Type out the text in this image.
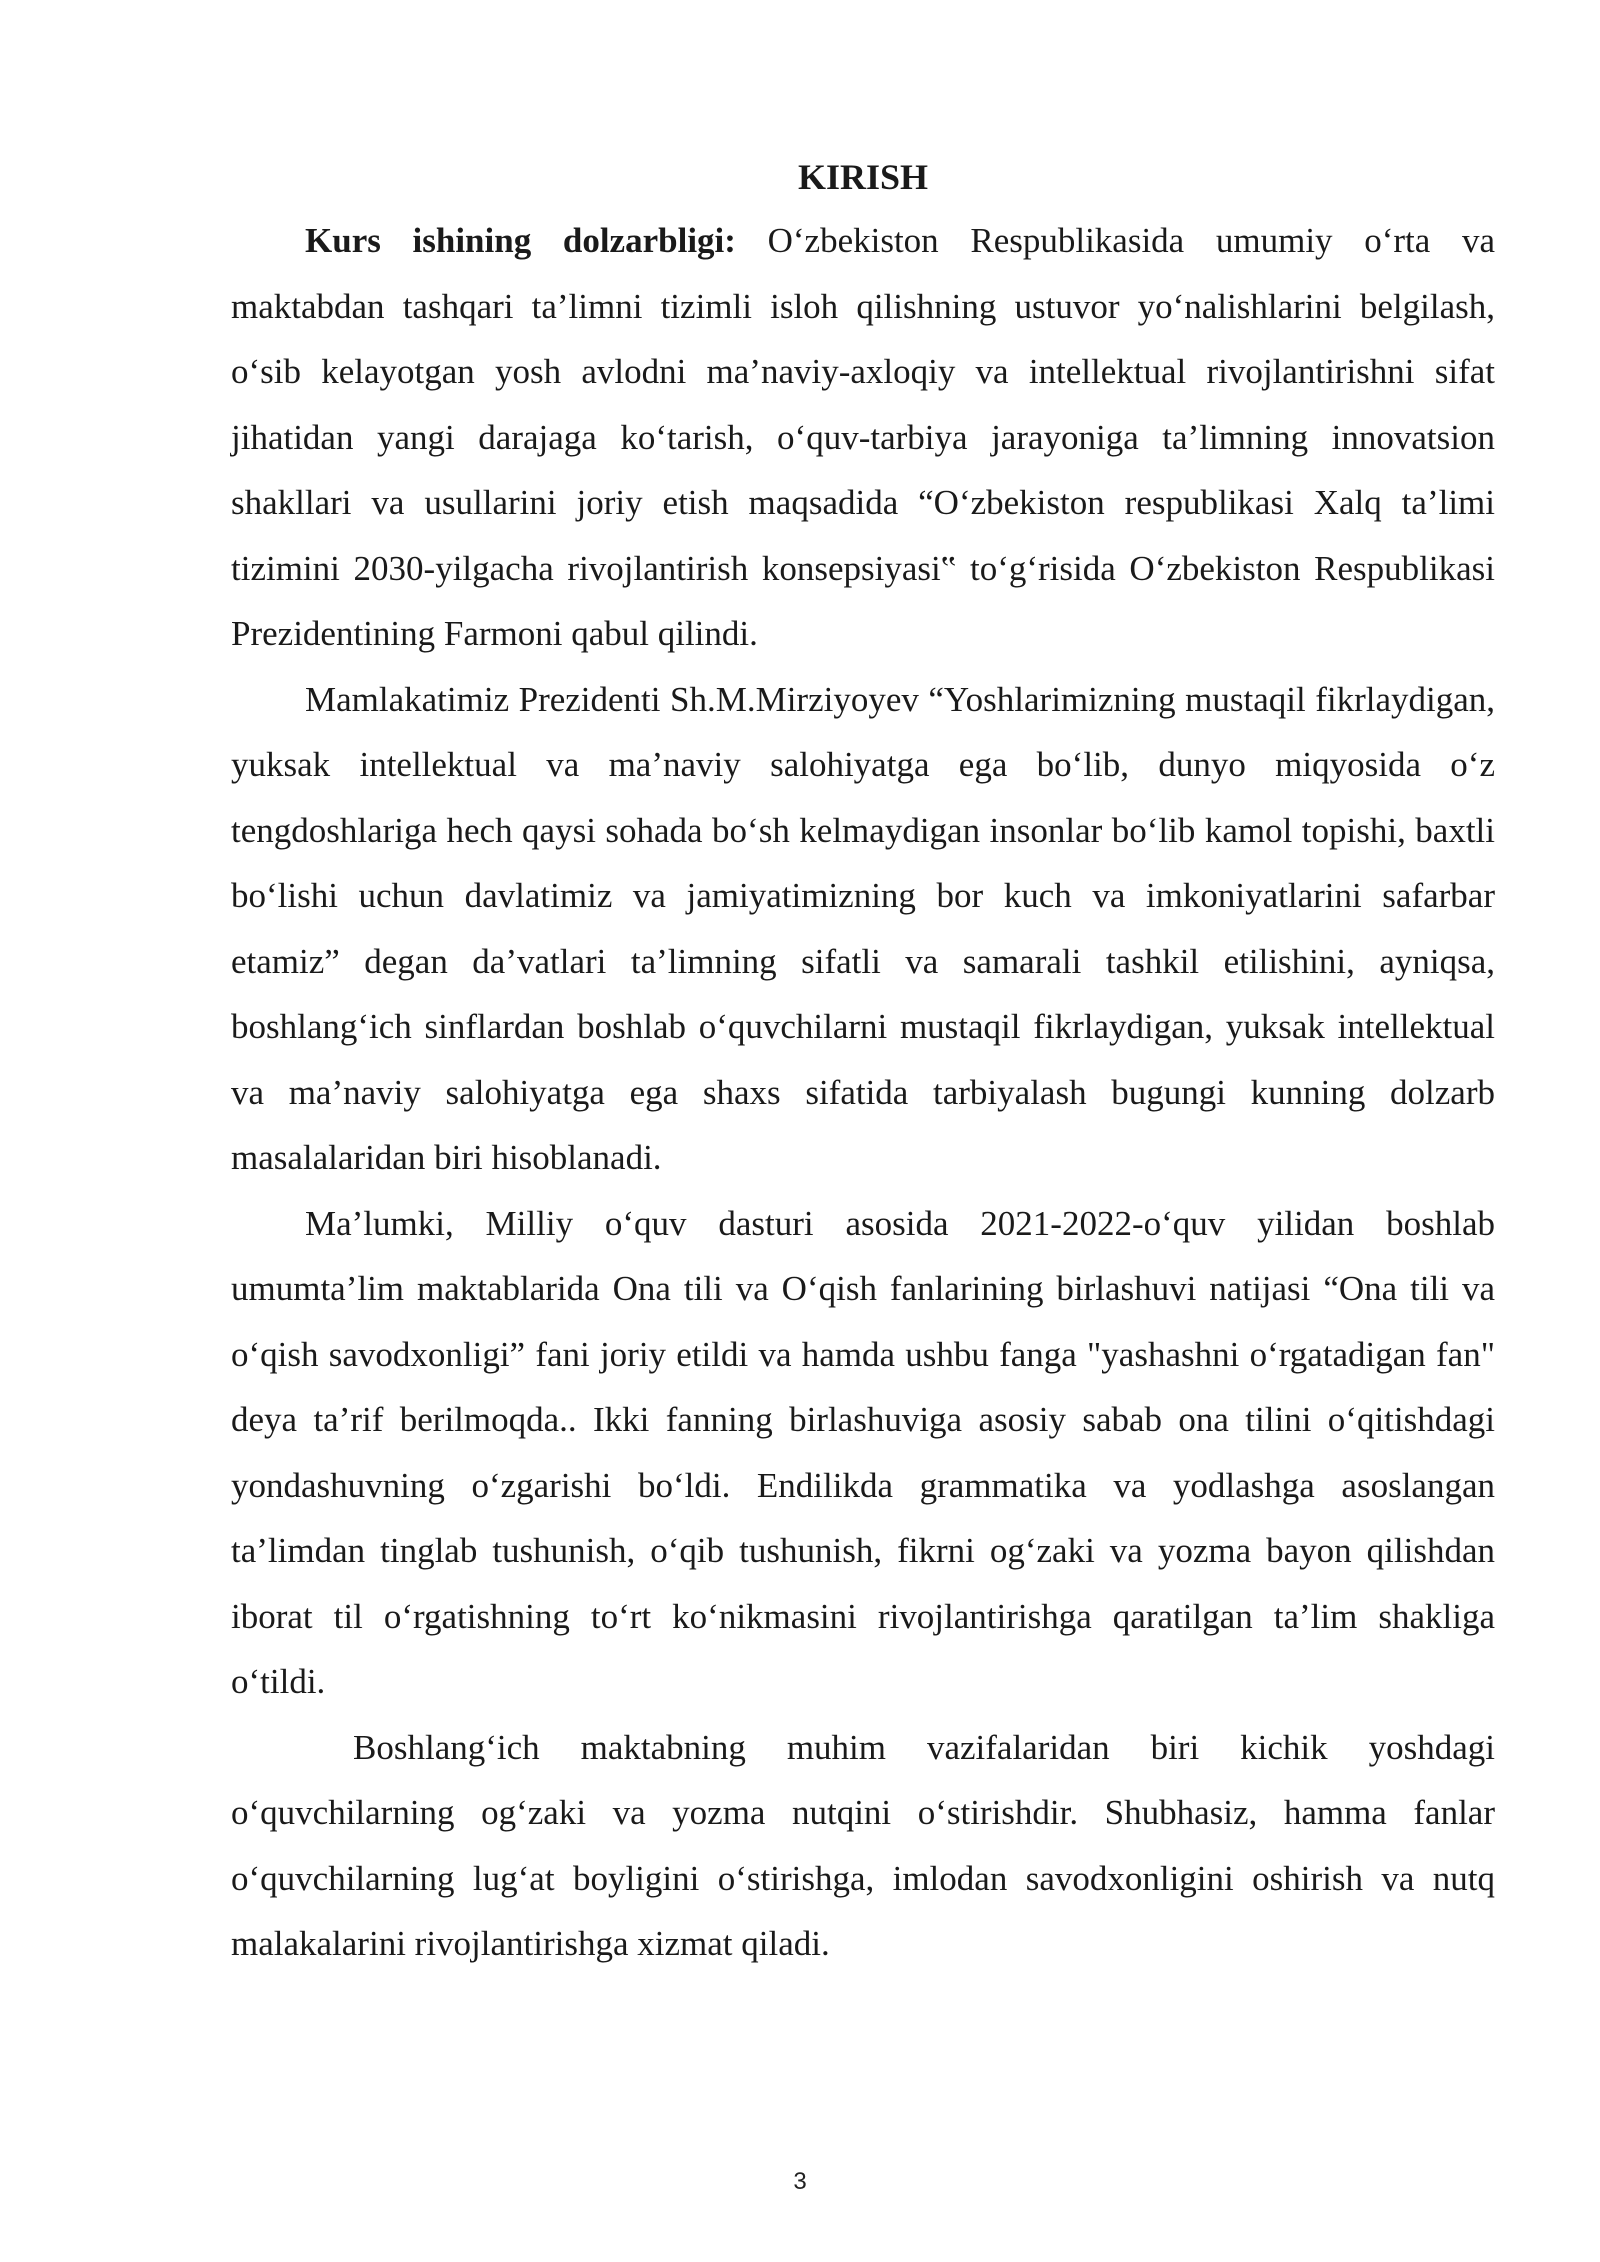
KIRISH

Kurs ishining dolzarbligi: O‘zbekiston Respublikasida umumiy o‘rta va maktabdan tashqari ta’limni tizimli isloh qilishning ustuvor yo‘nalishlarini belgilash, o‘sib kelayotgan yosh avlodni ma’naviy-axloqiy va intellektual rivojlantirishni sifat jihatidan yangi darajaga ko‘tarish, o‘quv-tarbiya jarayoniga ta’limning innovatsion shakllari va usullarini joriy etish maqsadida “O‘zbekiston respublikasi Xalq ta’limi tizimini 2030-yilgacha rivojlantirish konsepsiyasi‟ to‘g‘risida O‘zbekiston Respublikasi Prezidentining Farmoni qabul qilindi.

Mamlakatimiz Prezidenti Sh.M.Mirziyoyev “Yoshlarimizning mustaqil fikrlaydigan, yuksak intellektual va ma’naviy salohiyatga ega bo‘lib, dunyo miqyosida o‘z tengdoshlariga hech qaysi sohada bo‘sh kelmaydigan insonlar bo‘lib kamol topishi, baxtli bo‘lishi uchun davlatimiz va jamiyatimizning bor kuch va imkoniyatlarini safarbar etamiz” degan da’vatlari ta’limning sifatli va samarali tashkil etilishini, ayniqsa, boshlang‘ich sinflardan boshlab o‘quvchilarni mustaqil fikrlaydigan, yuksak intellektual va ma’naviy salohiyatga ega shaxs sifatida tarbiyalash bugungi kunning dolzarb masalalaridan biri hisoblanadi.

Ma’lumki, Milliy o‘quv dasturi asosida 2021-2022-o‘quv yilidan boshlab umumta’lim maktablarida Ona tili va O‘qish fanlarining birlashuvi natijasi “Ona tili va o‘qish savodxonligi” fani joriy etildi va hamda ushbu fanga "yashashni o‘rgatadigan fan" deya ta’rif berilmoqda.. Ikki fanning birlashuviga asosiy sabab ona tilini o‘qitishdagi yondashuvning o‘zgarishi bo‘ldi. Endilikda grammatika va yodlashga asoslangan ta’limdan tinglab tushunish, o‘qib tushunish, fikrni og‘zaki va yozma bayon qilishdan iborat til o‘rgatishning to‘rt ko‘nikmasini rivojlantirishga qaratilgan ta’lim shakliga o‘tildi.

Boshlang‘ich maktabning muhim vazifalaridan biri kichik yoshdagi o‘quvchilarning og‘zaki va yozma nutqini o‘stirishdir. Shubhasiz, hamma fanlar o‘quvchilarning lug‘at boyligini o‘stirishga, imlodan savodxonligini oshirish va nutq malakalarini rivojlantirishga xizmat qiladi.

3
